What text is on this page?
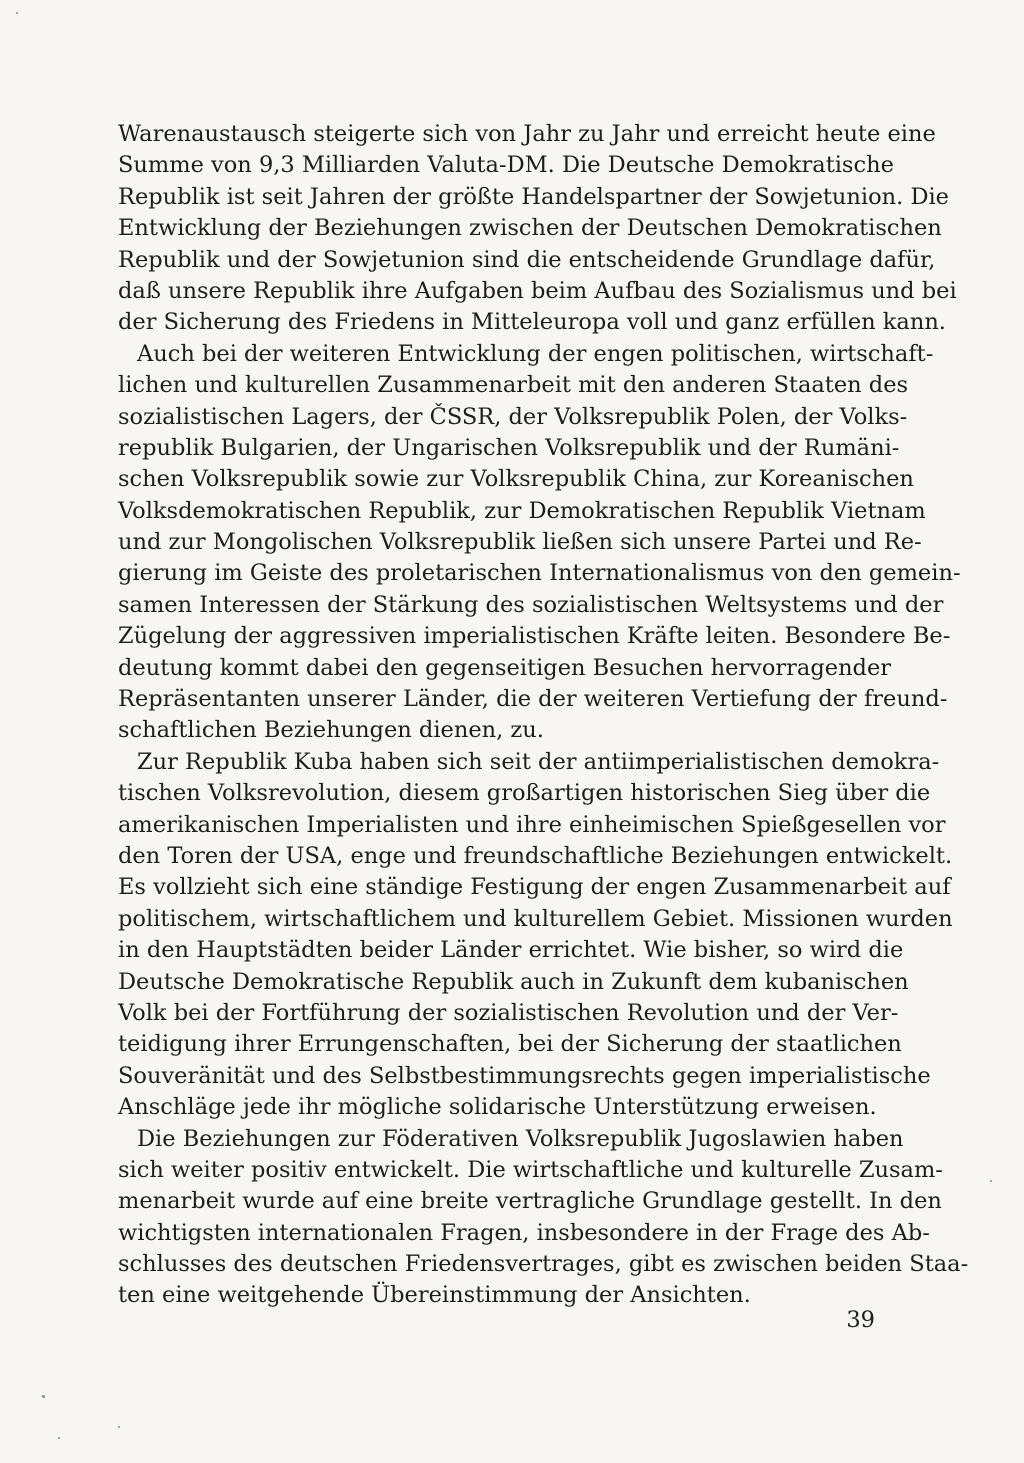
Warenaustausch steigerte sich von Jahr zu Jahr und erreicht heute eine
Summe von 9,3 Milliarden Valuta-DM. Die Deutsche Demokratische
Republik ist seit Jahren der größte Handelspartner der Sowjetunion. Die
Entwicklung der Beziehungen zwischen der Deutschen Demokratischen
Republik und der Sowjetunion sind die entscheidende Grundlage dafür,
daß unsere Republik ihre Aufgaben beim Aufbau des Sozialismus und bei
der Sicherung des Friedens in Mitteleuropa voll und ganz erfüllen kann.
Auch bei der weiteren Entwicklung der engen politischen, wirtschaft-
lichen und kulturellen Zusammenarbeit mit den anderen Staaten des
sozialistischen Lagers, der ČSSR, der Volksrepublik Polen, der Volks-
republik Bulgarien, der Ungarischen Volksrepublik und der Rumäni-
schen Volksrepublik sowie zur Volksrepublik China, zur Koreanischen
Volksdemokratischen Republik, zur Demokratischen Republik Vietnam
und zur Mongolischen Volksrepublik ließen sich unsere Partei und Re-
gierung im Geiste des proletarischen Internationalismus von den gemein-
samen Interessen der Stärkung des sozialistischen Weltsystems und der
Zügelung der aggressiven imperialistischen Kräfte leiten. Besondere Be-
deutung kommt dabei den gegenseitigen Besuchen hervorragender
Repräsentanten unserer Länder, die der weiteren Vertiefung der freund-
schaftlichen Beziehungen dienen, zu.
Zur Republik Kuba haben sich seit der antiimperialistischen demokra-
tischen Volksrevolution, diesem großartigen historischen Sieg über die
amerikanischen Imperialisten und ihre einheimischen Spießgesellen vor
den Toren der USA, enge und freundschaftliche Beziehungen entwickelt.
Es vollzieht sich eine ständige Festigung der engen Zusammenarbeit auf
politischem, wirtschaftlichem und kulturellem Gebiet. Missionen wurden
in den Hauptstädten beider Länder errichtet. Wie bisher, so wird die
Deutsche Demokratische Republik auch in Zukunft dem kubanischen
Volk bei der Fortführung der sozialistischen Revolution und der Ver-
teidigung ihrer Errungenschaften, bei der Sicherung der staatlichen
Souveränität und des Selbstbestimmungsrechts gegen imperialistische
Anschläge jede ihr mögliche solidarische Unterstützung erweisen.
Die Beziehungen zur Föderativen Volksrepublik Jugoslawien haben
sich weiter positiv entwickelt. Die wirtschaftliche und kulturelle Zusam-
menarbeit wurde auf eine breite vertragliche Grundlage gestellt. In den
wichtigsten internationalen Fragen, insbesondere in der Frage des Ab-
schlusses des deutschen Friedensvertrages, gibt es zwischen beiden Staa-
ten eine weitgehende Übereinstimmung der Ansichten.
39
